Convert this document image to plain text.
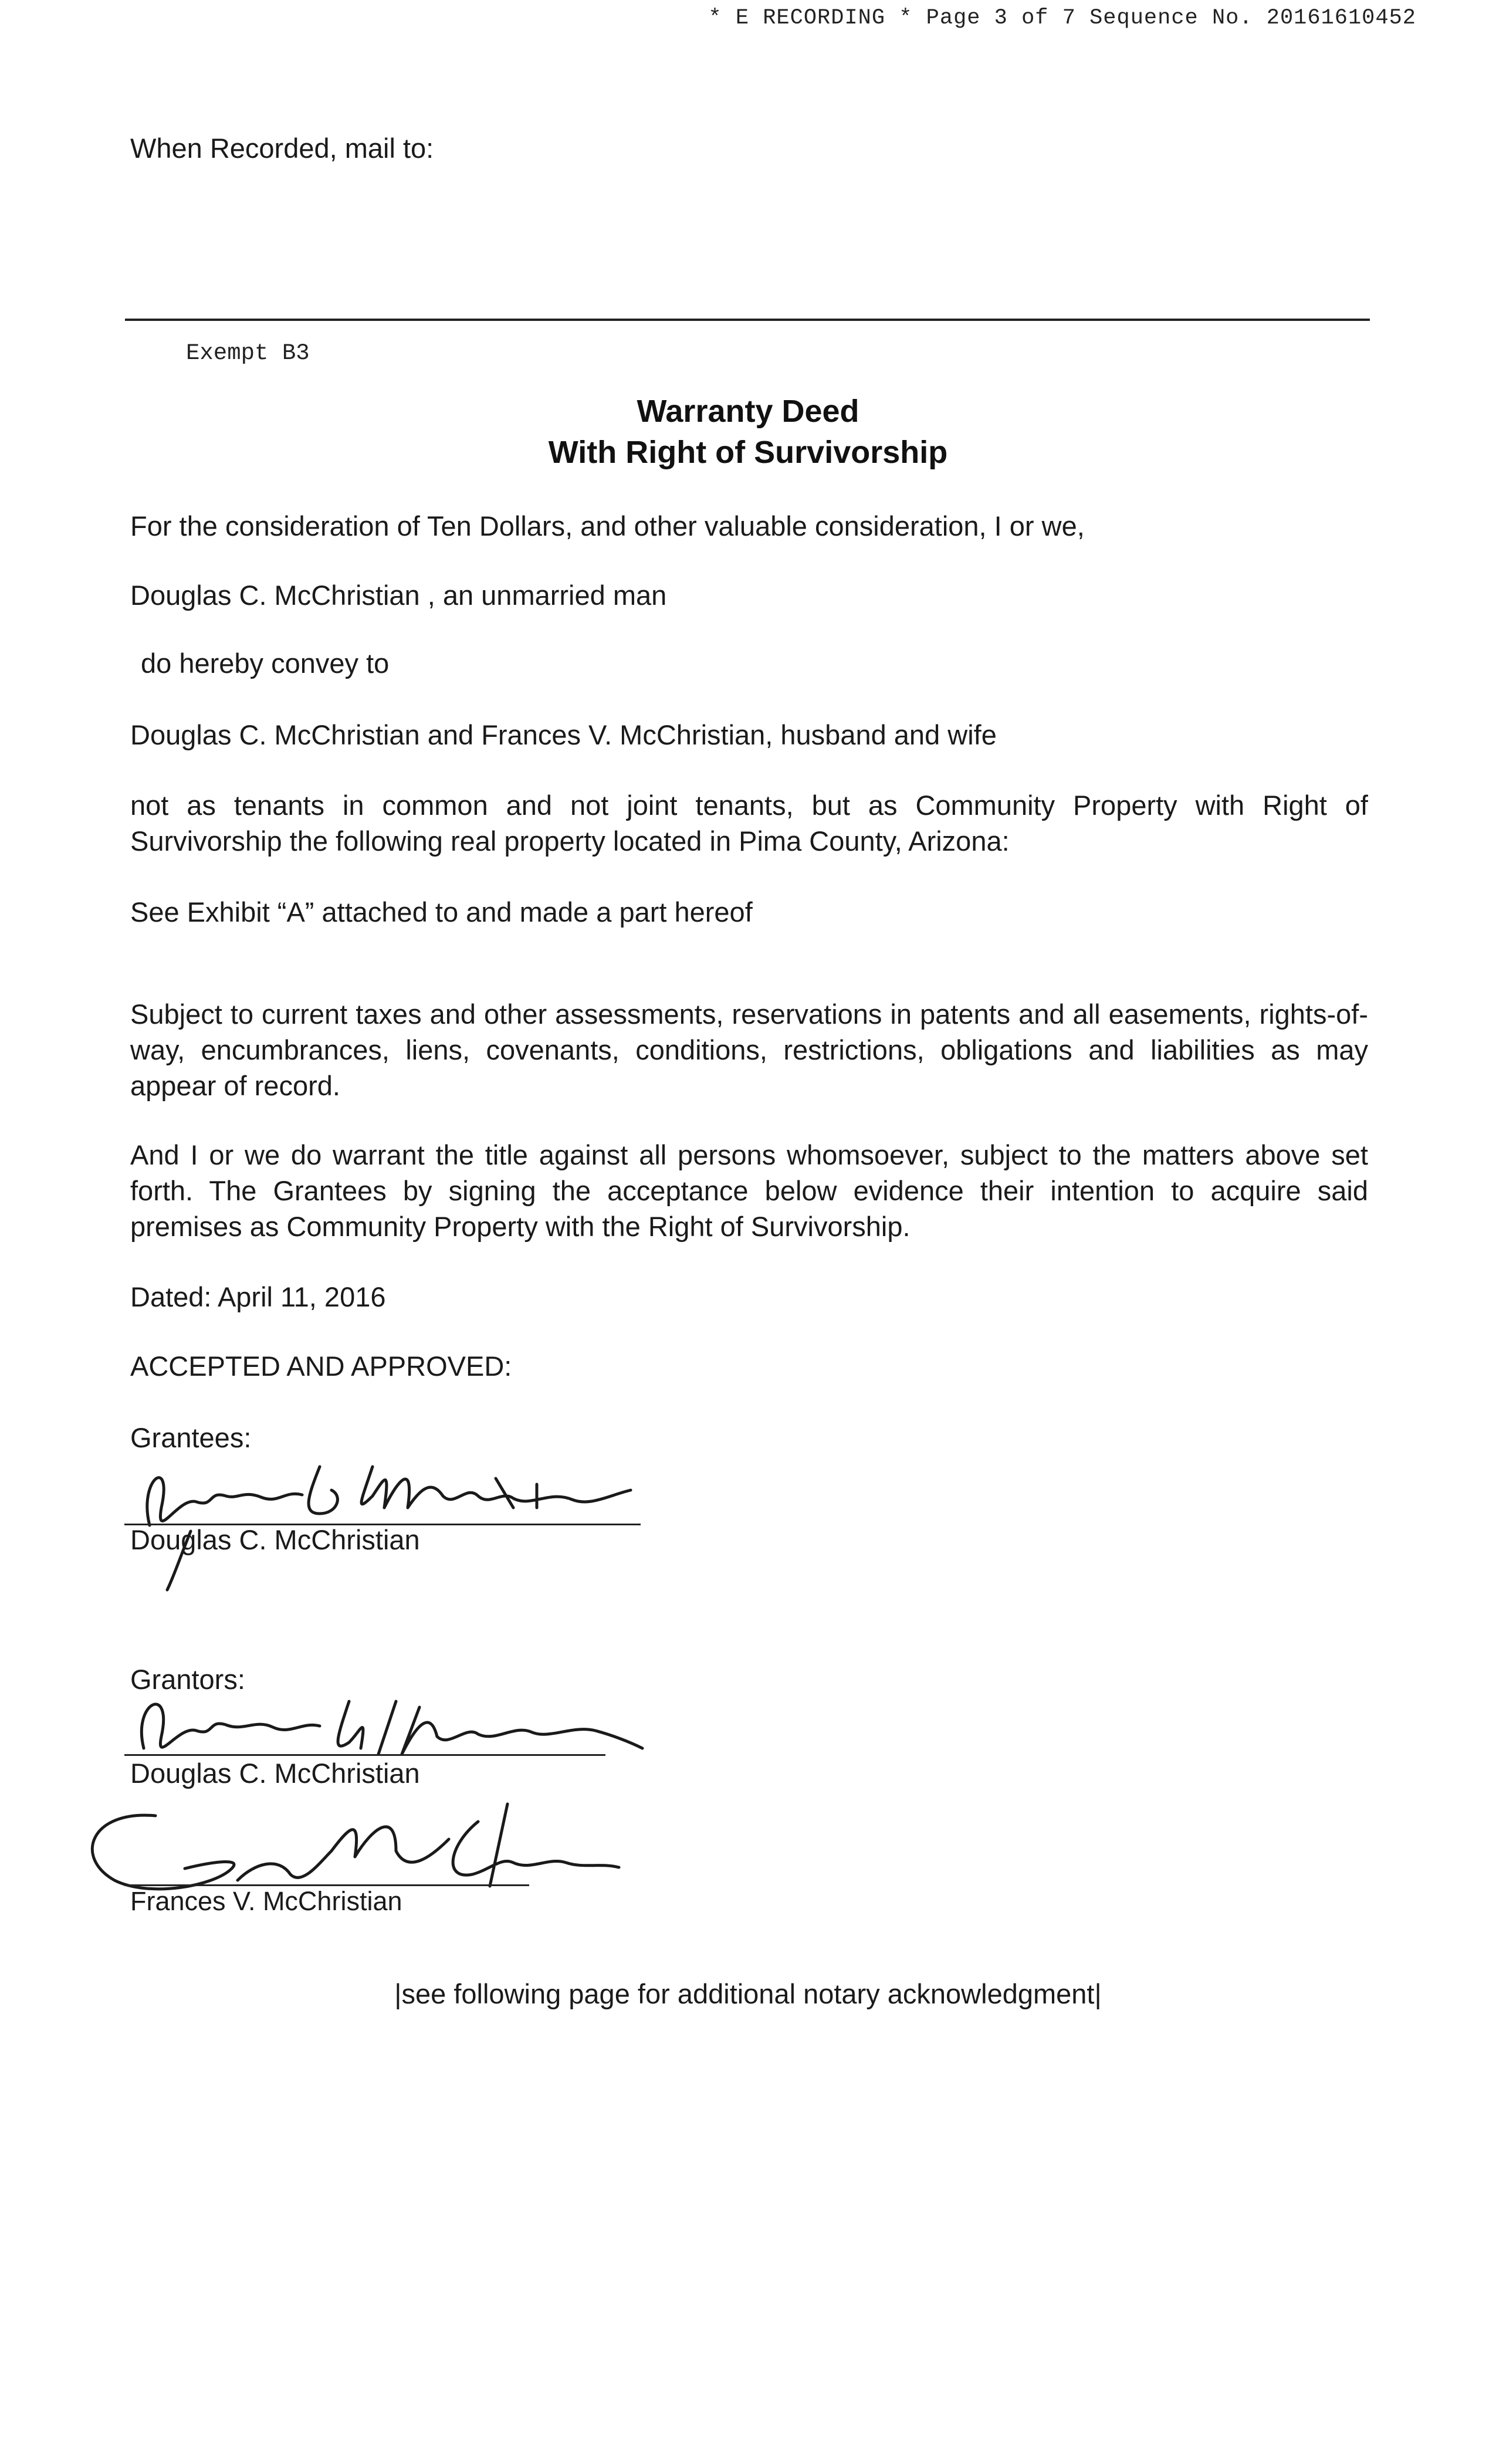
* E RECORDING * Page 3 of 7 Sequence No. 20161610452
When Recorded, mail to:
Exempt B3
Warranty Deed
With Right of Survivorship
For the consideration of Ten Dollars, and other valuable consideration, I or we,
Douglas C. McChristian , an unmarried man
do hereby convey to
Douglas C. McChristian and Frances V. McChristian, husband and wife
not as tenants in common and not joint tenants, but as Community Property with Right of Survivorship the following real property located in Pima County, Arizona:
See Exhibit “A” attached to and made a part hereof
Subject to current taxes and other assessments, reservations in patents and all easements, rights-of-way, encumbrances, liens, covenants, conditions, restrictions, obligations and liabilities as may appear of record.
And I or we do warrant the title against all persons whomsoever, subject to the matters above set forth. The Grantees by signing the acceptance below evidence their intention to acquire said premises as Community Property with the Right of Survivorship.
Dated: April 11, 2016
ACCEPTED AND APPROVED:
Grantees:
Douglas C. McChristian
Grantors:
Douglas C. McChristian
Frances V. McChristian
|see following page for additional notary acknowledgment|
